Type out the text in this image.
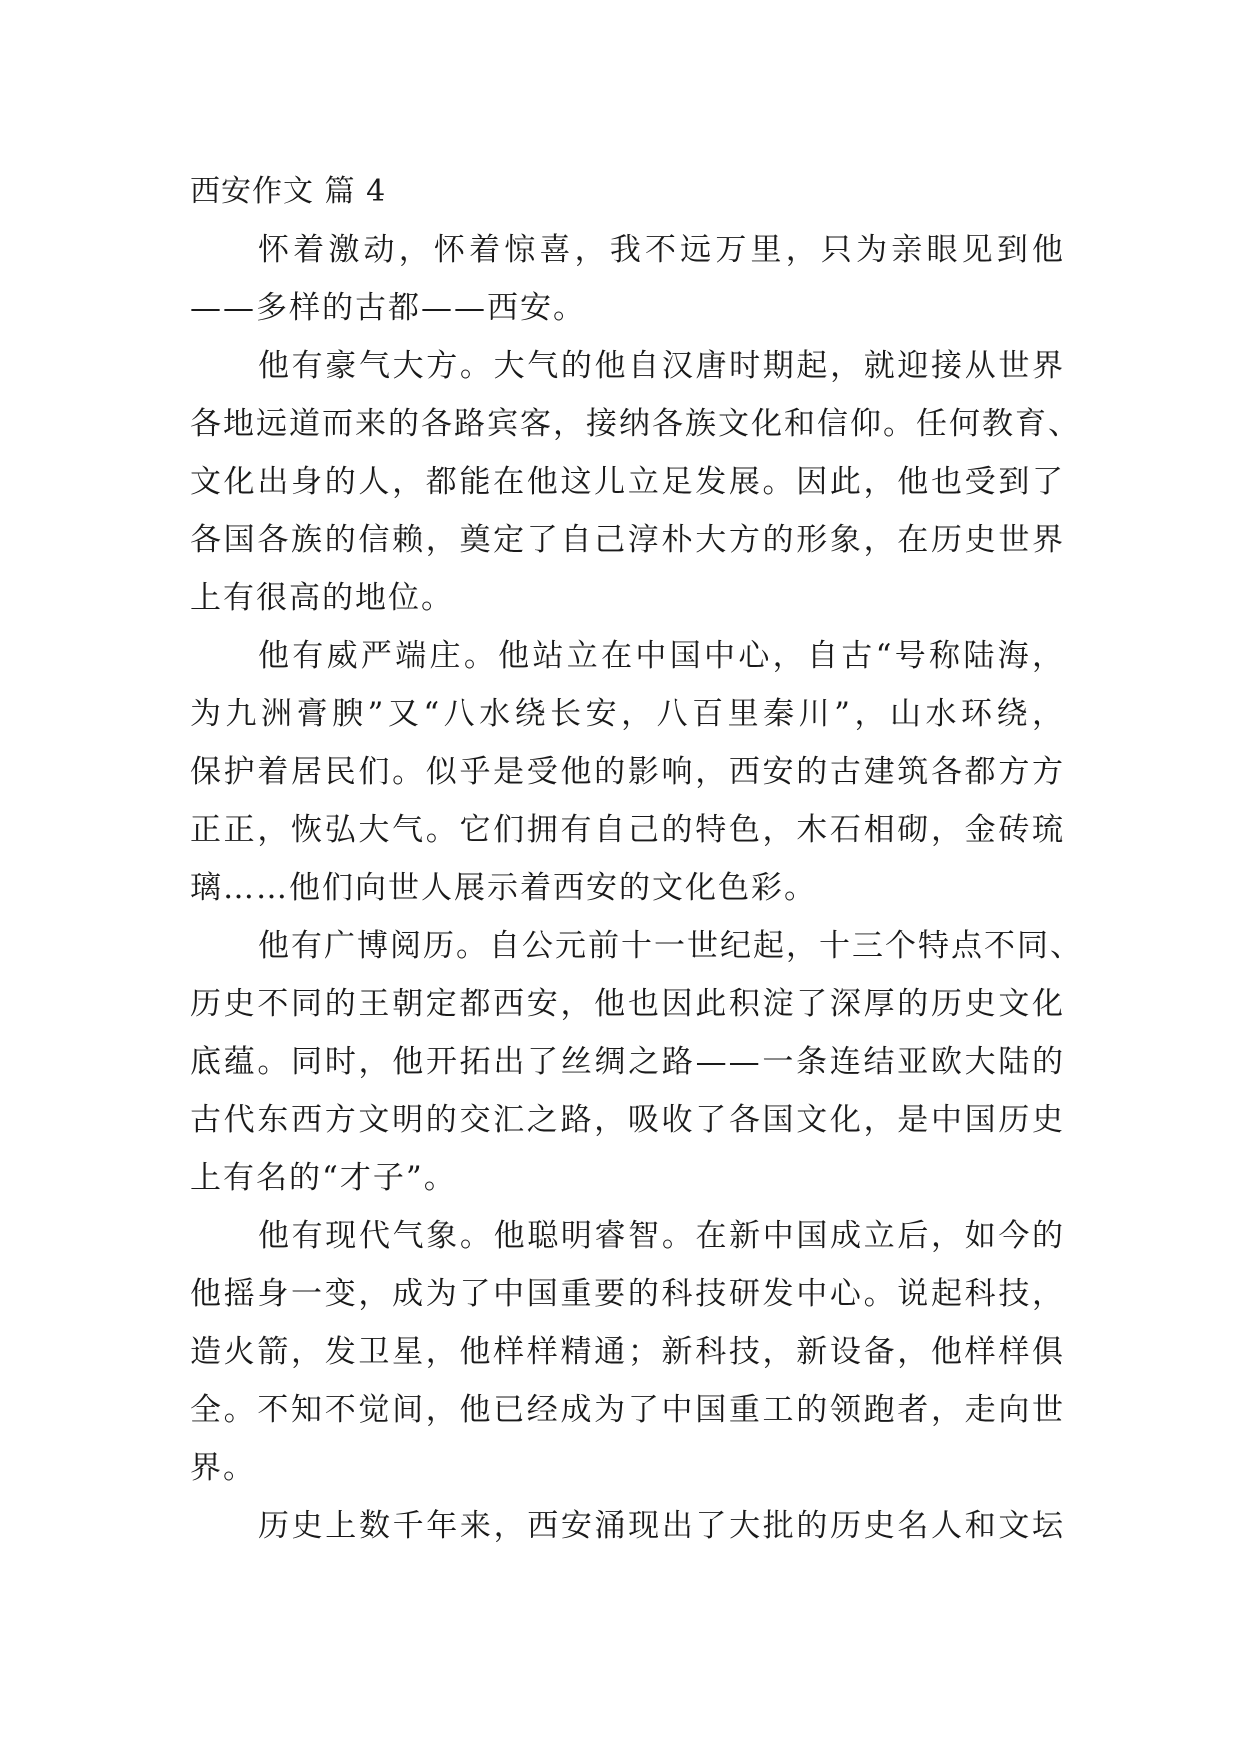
西安作文 篇 4
怀着激动，怀着惊喜，我不远万里，只为亲眼见到他
——多样的古都——西安。
他有豪气大方。大气的他自汉唐时期起，就迎接从世界
各地远道而来的各路宾客，接纳各族文化和信仰。任何教育、
文化出身的人，都能在他这儿立足发展。因此，他也受到了
各国各族的信赖，奠定了自己淳朴大方的形象，在历史世界
上有很高的地位。
他有威严端庄。他站立在中国中心，自古“号称陆海，
为九洲膏腴”又“八水绕长安，八百里秦川”，山水环绕，
保护着居民们。似乎是受他的影响，西安的古建筑各都方方
正正，恢弘大气。它们拥有自己的特色，木石相砌，金砖琉
璃……他们向世人展示着西安的文化色彩。
他有广博阅历。自公元前十一世纪起，十三个特点不同、
历史不同的王朝定都西安，他也因此积淀了深厚的历史文化
底蕴。同时，他开拓出了丝绸之路——一条连结亚欧大陆的
古代东西方文明的交汇之路，吸收了各国文化，是中国历史
上有名的“才子”。
他有现代气象。他聪明睿智。在新中国成立后，如今的
他摇身一变，成为了中国重要的科技研发中心。说起科技，
造火箭，发卫星，他样样精通；新科技，新设备，他样样俱
全。不知不觉间，他已经成为了中国重工的领跑者，走向世
界。
历史上数千年来，西安涌现出了大批的历史名人和文坛
